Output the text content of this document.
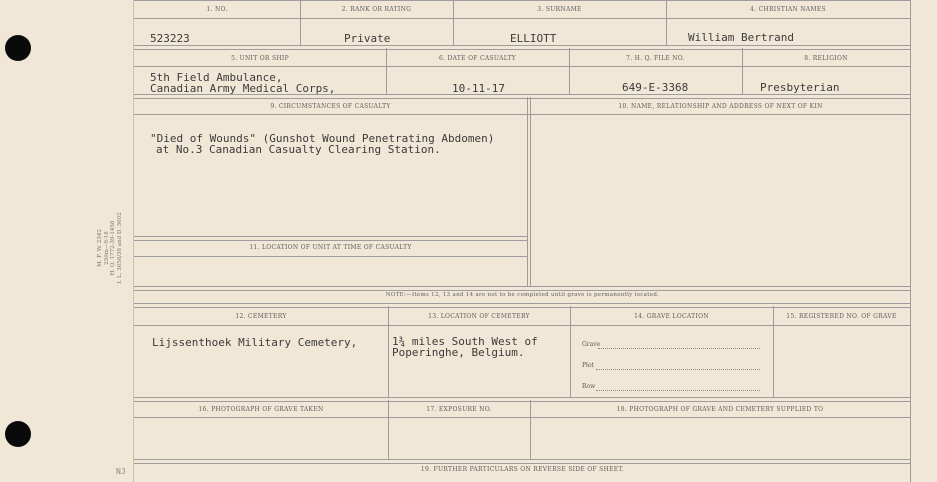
M. F. W. 2342 250m—9-18 H. Q. 1772-39-1458 I. L. 3658/38 and D. 3602
NJ
1. NO.	2. RANK OR RATING	3. SURNAME	4. CHRISTIAN NAMES
523223	Private	ELLIOTT	William Bertrand
5. UNIT OR SHIP	6. DATE OF CASUALTY	7. H. Q. FILE NO.	8. RELIGION
5th Field Ambulance,
Canadian Army Medical Corps,	10-11-17	649-E-3368	Presbyterian
9. CIRCUMSTANCES OF CASUALTY	10. NAME, RELATIONSHIP AND ADDRESS OF NEXT OF KIN
"Died of Wounds" (Gunshot Wound Penetrating Abdomen)
at No.3 Canadian Casualty Clearing Station.
11. LOCATION OF UNIT AT TIME OF CASUALTY
NOTE:—Items 12, 13 and 14 are not to be completed until grave is permanently located.
12. CEMETERY	13. LOCATION OF CEMETERY	14. GRAVE LOCATION	15. REGISTERED NO. OF GRAVE
Lijssenthoek Military Cemetery,	1¾ miles South West of
Poperinghe, Belgium.
Grave
Plot
Row
16. PHOTOGRAPH OF GRAVE TAKEN	17. EXPOSURE NO.	18. PHOTOGRAPH OF GRAVE AND CEMETERY SUPPLIED TO
19. FURTHER PARTICULARS ON REVERSE SIDE OF SHEET.
